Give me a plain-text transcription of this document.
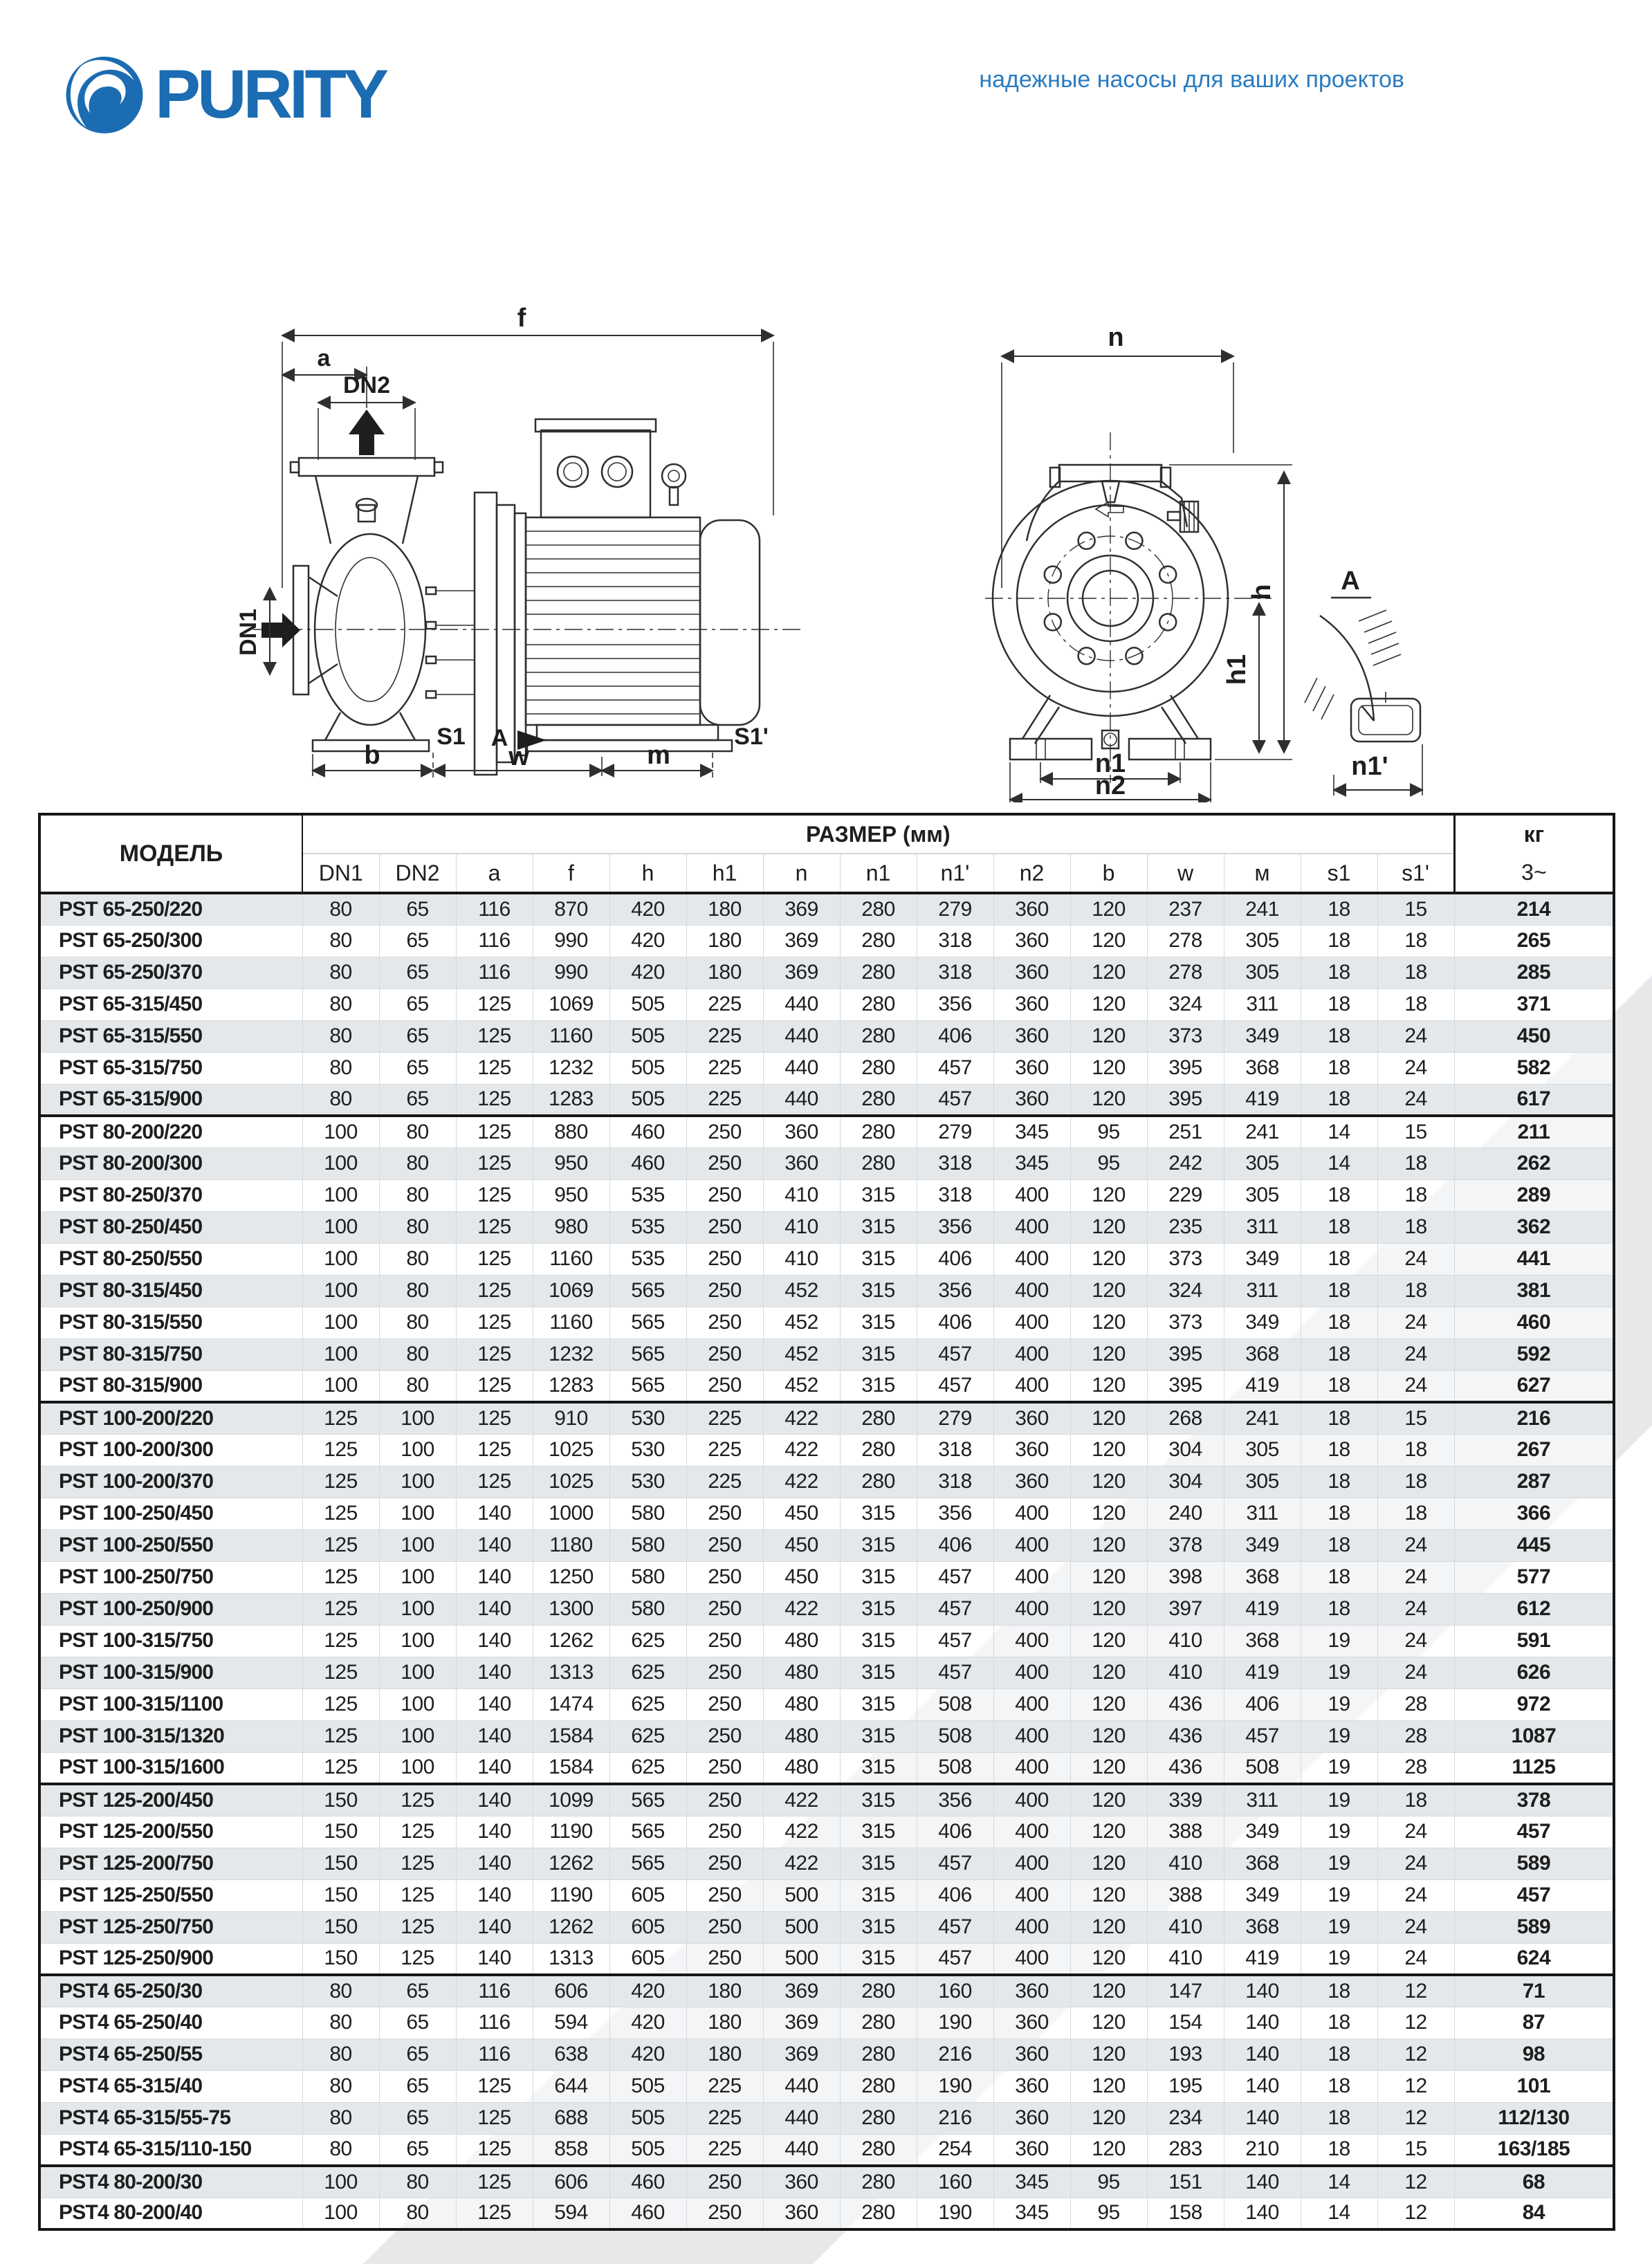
PURITY	надежные насосы для ваших проектов
f
a
DN2
DN1
S1 A	S1'
b	w	m
n
h
h1
A
n1
n2
n1'
МОДЕЛЬ	РАЗМЕР (мм)															кг
	DN1	DN2	a	f	h	h1	n	n1	n1'	n2	b	w	м	s1	s1'	3~
PST 65-250/220	80	65	116	870	420	180	369	280	279	360	120	237	241	18	15	214
PST 65-250/300	80	65	116	990	420	180	369	280	318	360	120	278	305	18	18	265
PST 65-250/370	80	65	116	990	420	180	369	280	318	360	120	278	305	18	18	285
PST 65-315/450	80	65	125	1069	505	225	440	280	356	360	120	324	311	18	18	371
PST 65-315/550	80	65	125	1160	505	225	440	280	406	360	120	373	349	18	24	450
PST 65-315/750	80	65	125	1232	505	225	440	280	457	360	120	395	368	18	24	582
PST 65-315/900	80	65	125	1283	505	225	440	280	457	360	120	395	419	18	24	617
PST 80-200/220	100	80	125	880	460	250	360	280	279	345	95	251	241	14	15	211
PST 80-200/300	100	80	125	950	460	250	360	280	318	345	95	242	305	14	18	262
PST 80-250/370	100	80	125	950	535	250	410	315	318	400	120	229	305	18	18	289
PST 80-250/450	100	80	125	980	535	250	410	315	356	400	120	235	311	18	18	362
PST 80-250/550	100	80	125	1160	535	250	410	315	406	400	120	373	349	18	24	441
PST 80-315/450	100	80	125	1069	565	250	452	315	356	400	120	324	311	18	18	381
PST 80-315/550	100	80	125	1160	565	250	452	315	406	400	120	373	349	18	24	460
PST 80-315/750	100	80	125	1232	565	250	452	315	457	400	120	395	368	18	24	592
PST 80-315/900	100	80	125	1283	565	250	452	315	457	400	120	395	419	18	24	627
PST 100-200/220	125	100	125	910	530	225	422	280	279	360	120	268	241	18	15	216
PST 100-200/300	125	100	125	1025	530	225	422	280	318	360	120	304	305	18	18	267
PST 100-200/370	125	100	125	1025	530	225	422	280	318	360	120	304	305	18	18	287
PST 100-250/450	125	100	140	1000	580	250	450	315	356	400	120	240	311	18	18	366
PST 100-250/550	125	100	140	1180	580	250	450	315	406	400	120	378	349	18	24	445
PST 100-250/750	125	100	140	1250	580	250	450	315	457	400	120	398	368	18	24	577
PST 100-250/900	125	100	140	1300	580	250	422	315	457	400	120	397	419	18	24	612
PST 100-315/750	125	100	140	1262	625	250	480	315	457	400	120	410	368	19	24	591
PST 100-315/900	125	100	140	1313	625	250	480	315	457	400	120	410	419	19	24	626
PST 100-315/1100	125	100	140	1474	625	250	480	315	508	400	120	436	406	19	28	972
PST 100-315/1320	125	100	140	1584	625	250	480	315	508	400	120	436	457	19	28	1087
PST 100-315/1600	125	100	140	1584	625	250	480	315	508	400	120	436	508	19	28	1125
PST 125-200/450	150	125	140	1099	565	250	422	315	356	400	120	339	311	19	18	378
PST 125-200/550	150	125	140	1190	565	250	422	315	406	400	120	388	349	19	24	457
PST 125-200/750	150	125	140	1262	565	250	422	315	457	400	120	410	368	19	24	589
PST 125-250/550	150	125	140	1190	605	250	500	315	406	400	120	388	349	19	24	457
PST 125-250/750	150	125	140	1262	605	250	500	315	457	400	120	410	368	19	24	589
PST 125-250/900	150	125	140	1313	605	250	500	315	457	400	120	410	419	19	24	624
PST4 65-250/30	80	65	116	606	420	180	369	280	160	360	120	147	140	18	12	71
PST4 65-250/40	80	65	116	594	420	180	369	280	190	360	120	154	140	18	12	87
PST4 65-250/55	80	65	116	638	420	180	369	280	216	360	120	193	140	18	12	98
PST4 65-315/40	80	65	125	644	505	225	440	280	190	360	120	195	140	18	12	101
PST4 65-315/55-75	80	65	125	688	505	225	440	280	216	360	120	234	140	18	12	112/130
PST4 65-315/110-150	80	65	125	858	505	225	440	280	254	360	120	283	210	18	15	163/185
PST4 80-200/30	100	80	125	606	460	250	360	280	160	345	95	151	140	14	12	68
PST4 80-200/40	100	80	125	594	460	250	360	280	190	345	95	158	140	14	12	84
